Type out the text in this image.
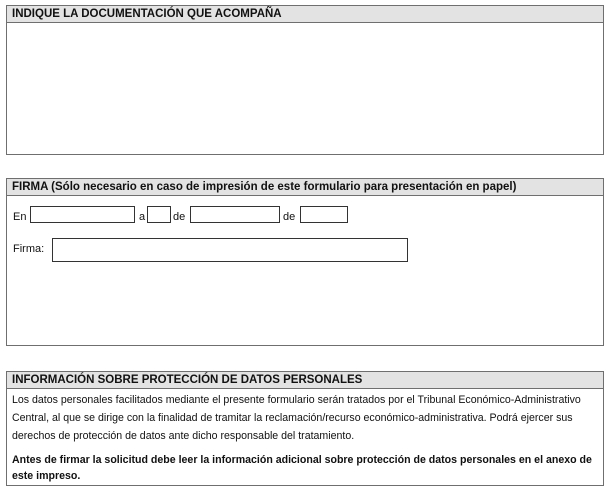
INDIQUE LA DOCUMENTACIÓN QUE ACOMPAÑA
FIRMA (Sólo necesario en caso de impresión de este formulario para presentación en papel)
En	a	de	de
Firma:
INFORMACIÓN SOBRE PROTECCIÓN DE DATOS PERSONALES
Los datos personales facilitados mediante el presente formulario serán tratados por el Tribunal Económico-Administrativo Central, al que se dirige con la finalidad de tramitar la reclamación/recurso económico-administrativa. Podrá ejercer sus derechos de protección de datos ante dicho responsable del tratamiento.
Antes de firmar la solicitud debe leer la información adicional sobre protección de datos personales en el anexo de este impreso.
